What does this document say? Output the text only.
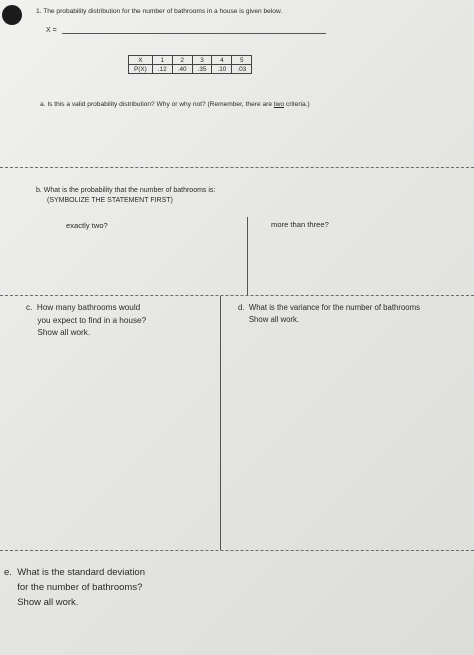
1. The probability distribution for the number of bathrooms in a house is given below.
X =
X	1	2	3	4	5
P(X)	.12	.40	.35	.10	.03
a. Is this a valid probability distribution? Why or why not? (Remember, there are two criteria.)
b. What is the probability that the number of bathrooms is:
(SYMBOLIZE THE STATEMENT FIRST)
exactly two?	more than three?
c.  How many bathrooms would
you expect to find in a house?
Show all work.
d.  What is the variance for the number of bathrooms
Show all work.
e.  What is the standard deviation
for the number of bathrooms?
Show all work.
